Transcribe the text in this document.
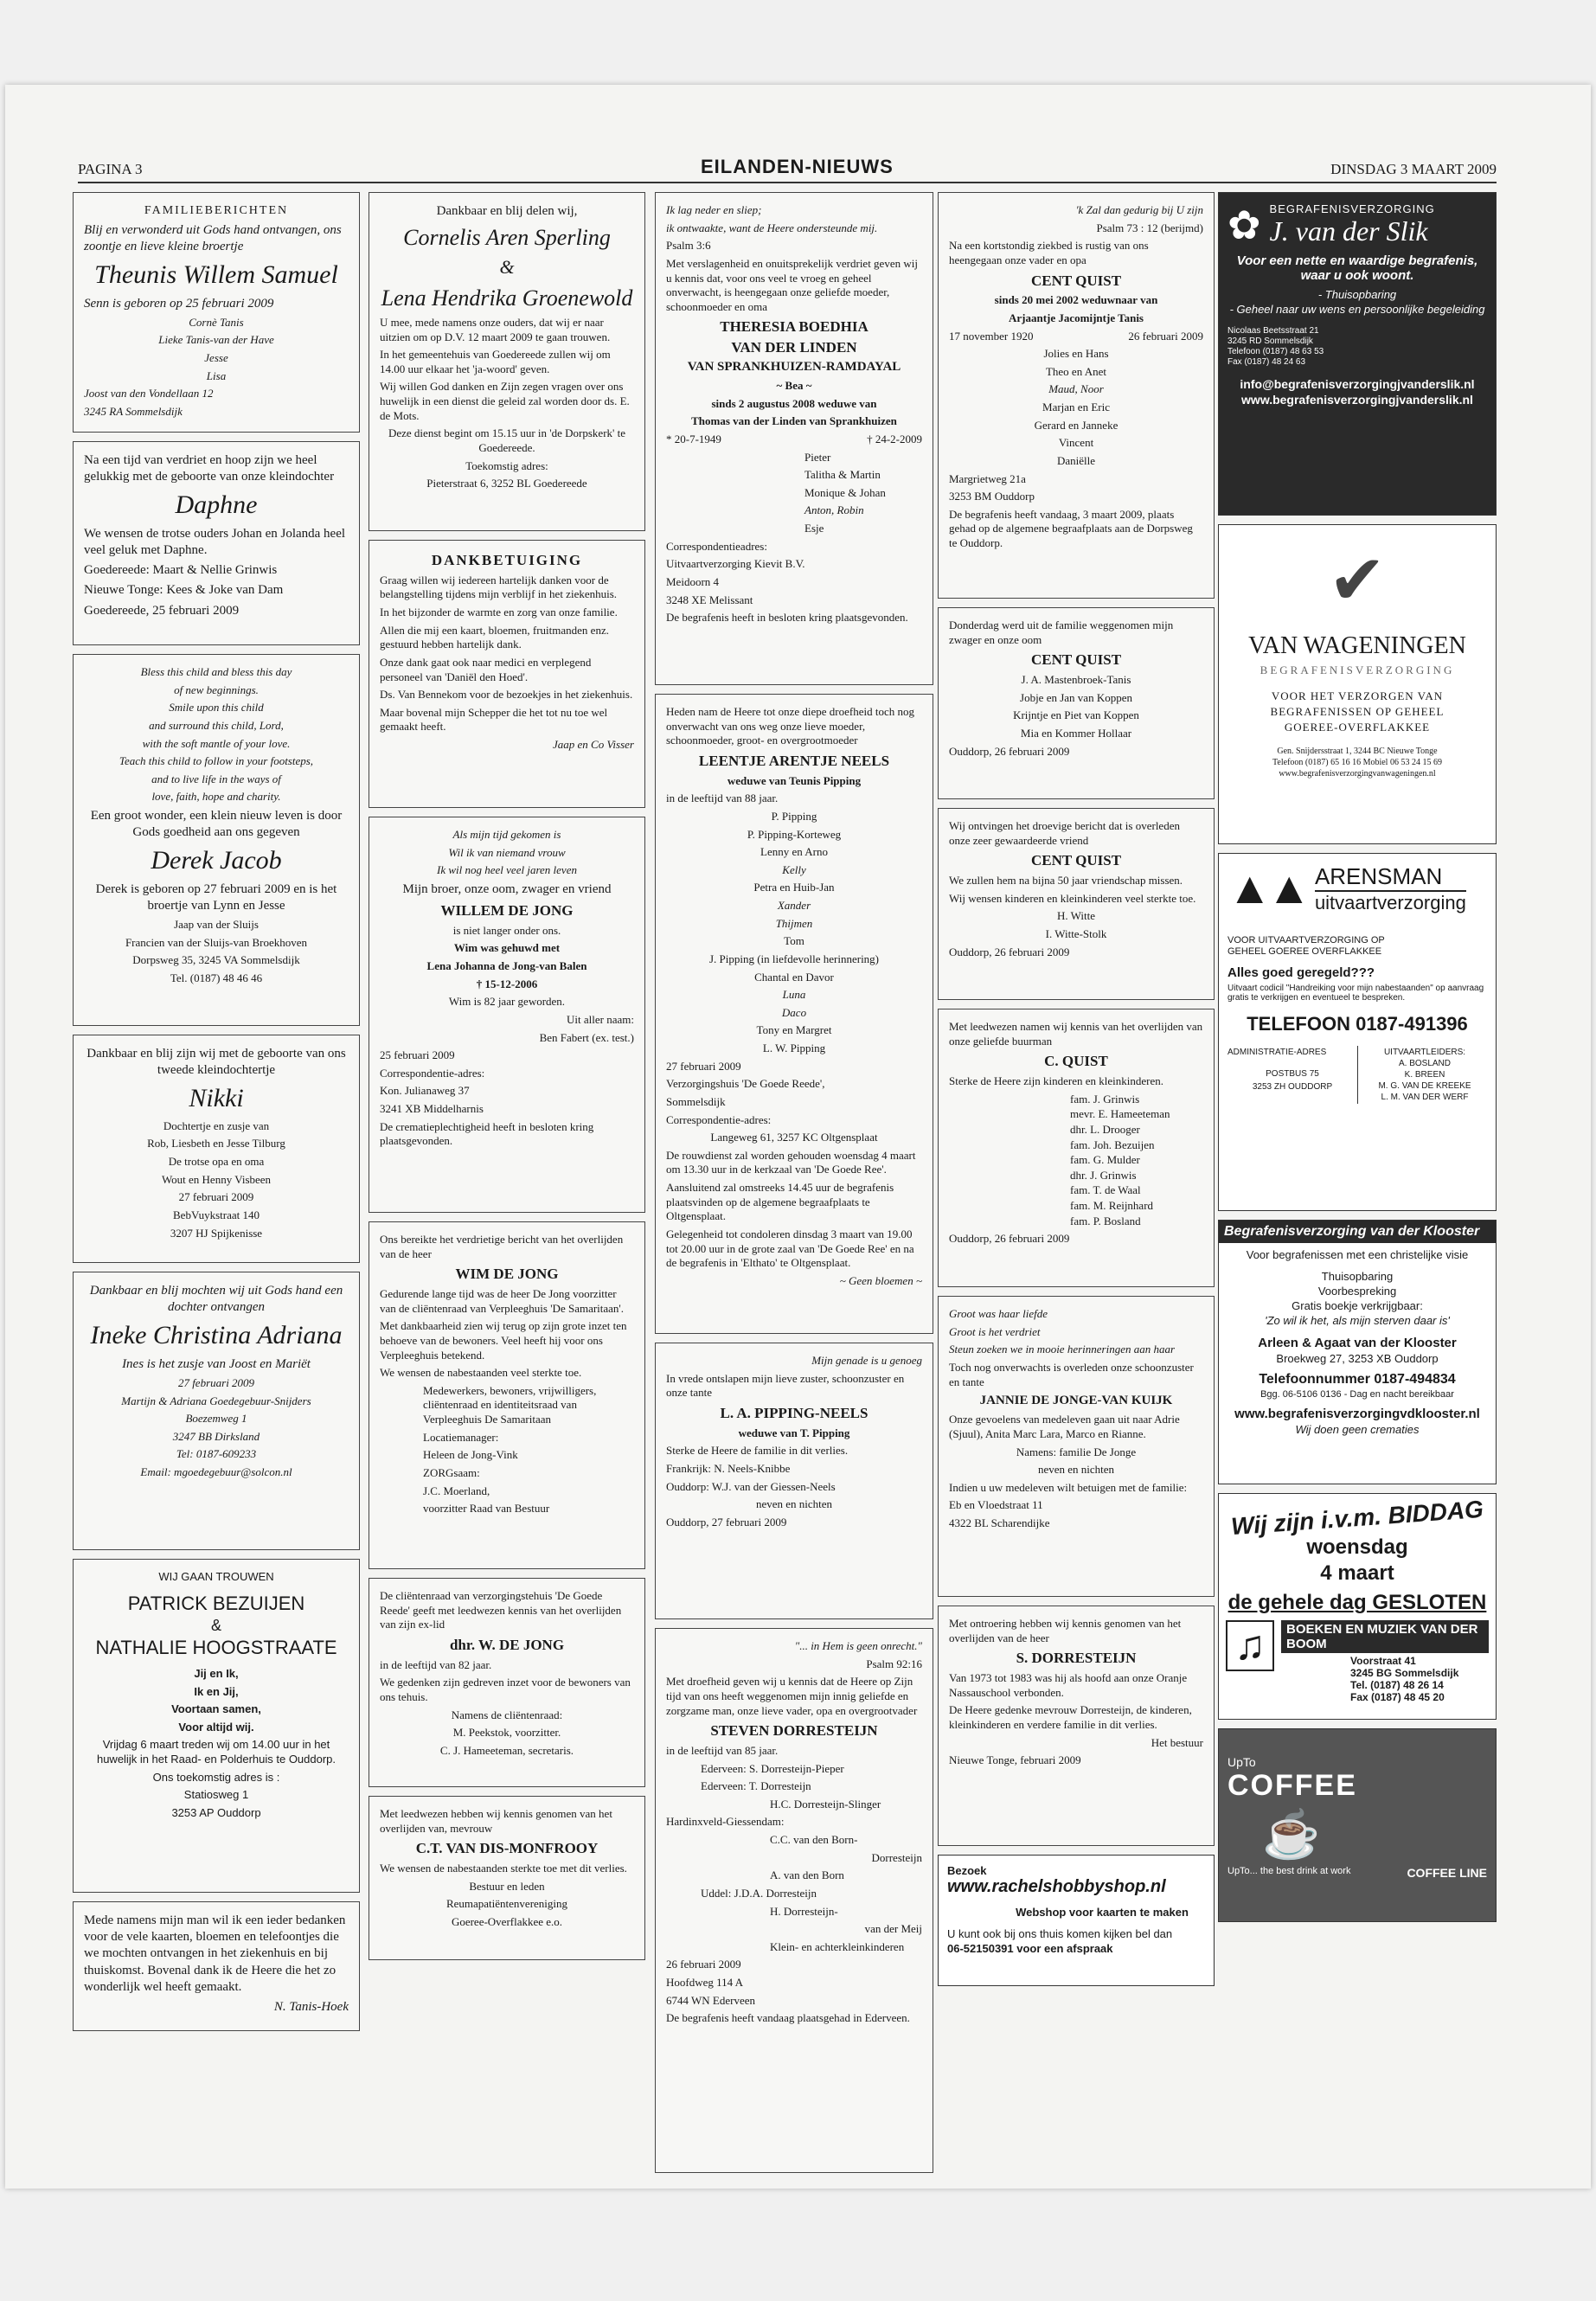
PAGINA 3	EILANDEN-NIEUWS	DINSDAG 3 MAART 2009

FAMILIEBERICHTEN

Blij en verwonderd uit Gods hand ontvangen, ons zoontje en lieve kleine broertje

Theunis Willem Samuel

Senn is geboren op 25 februari 2009

Cornè Tanis

Lieke Tanis-van der Have

Jesse

Lisa

Joost van den Vondellaan 12

3245 RA Sommelsdijk

Na een tijd van verdriet en hoop zijn we heel gelukkig met de geboorte van onze kleindochter

Daphne

We wensen de trotse ouders Johan en Jolanda heel veel geluk met Daphne.

Goedereede: Maart & Nellie Grinwis

Nieuwe Tonge: Kees & Joke van Dam

Goedereede, 25 februari 2009

Bless this child and bless this day

of new beginnings.

Smile upon this child

and surround this child, Lord,

with the soft mantle of your love.

Teach this child to follow in your footsteps,

and to live life in the ways of

love, faith, hope and charity.

Een groot wonder, een klein nieuw leven is door Gods goedheid aan ons gegeven

Derek Jacob

Derek is geboren op 27 februari 2009 en is het broertje van Lynn en Jesse

Jaap van der Sluijs

Francien van der Sluijs-van Broekhoven

Dorpsweg 35, 3245 VA Sommelsdijk

Tel. (0187) 48 46 46

Dankbaar en blij zijn wij met de geboorte van ons tweede kleindochtertje

Nikki

Dochtertje en zusje van

Rob, Liesbeth en Jesse Tilburg

De trotse opa en oma

Wout en Henny Visbeen

27 februari 2009

BebVuykstraat 140

3207 HJ Spijkenisse

Dankbaar en blij mochten wij uit Gods hand een dochter ontvangen

Ineke Christina Adriana

Ines is het zusje van Joost en Mariët

27 februari 2009

Martijn & Adriana Goedegebuur-Snijders

Boezemweg 1

3247 BB Dirksland

Tel: 0187-609233

Email: mgoedegebuur@solcon.nl

WIJ GAAN TROUWEN

PATRICK BEZUIJEN

&

NATHALIE HOOGSTRAATE

Jij en Ik,

Ik en Jij,

Voortaan samen,

Voor altijd wij.

Vrijdag 6 maart treden wij om 14.00 uur in het huwelijk in het Raad- en Polderhuis te Ouddorp.

Ons toekomstig adres is :

Statiosweg 1

3253 AP Ouddorp

Mede namens mijn man wil ik een ieder bedanken voor de vele kaarten, bloemen en telefoontjes die we mochten ontvangen in het ziekenhuis en bij thuiskomst. Bovenal dank ik de Heere die het zo wonderlijk wel heeft gemaakt.

N. Tanis-Hoek

Dankbaar en blij delen wij,

Cornelis Aren Sperling

&

Lena Hendrika Groenewold

U mee, mede namens onze ouders, dat wij er naar uitzien om op D.V. 12 maart 2009 te gaan trouwen.

In het gemeentehuis van Goedereede zullen wij om 14.00 uur elkaar het 'ja-woord' geven.

Wij willen God danken en Zijn zegen vragen over ons huwelijk in een dienst die geleid zal worden door ds. E. de Mots.

Deze dienst begint om 15.15 uur in 'de Dorpskerk' te Goedereede.

Toekomstig adres:

Pieterstraat 6, 3252 BL Goedereede

DANKBETUIGING

Graag willen wij iedereen hartelijk danken voor de belangstelling tijdens mijn verblijf in het ziekenhuis.

In het bijzonder de warmte en zorg van onze familie.

Allen die mij een kaart, bloemen, fruitmanden enz. gestuurd hebben hartelijk dank.

Onze dank gaat ook naar medici en verplegend personeel van 'Daniël den Hoed'.

Ds. Van Bennekom voor de bezoekjes in het ziekenhuis.

Maar bovenal mijn Schepper die het tot nu toe wel gemaakt heeft.

Jaap en Co Visser

Als mijn tijd gekomen is

Wil ik van niemand vrouw

Ik wil nog heel veel jaren leven

Mijn broer, onze oom, zwager en vriend

WILLEM DE JONG

is niet langer onder ons.

Wim was gehuwd met

Lena Johanna de Jong-van Balen

† 15-12-2006

Wim is 82 jaar geworden.

Uit aller naam:

Ben Fabert (ex. test.)

25 februari 2009

Correspondentie-adres:

Kon. Julianaweg 37

3241 XB Middelharnis

De crematieplechtigheid heeft in besloten kring plaatsgevonden.

Ons bereikte het verdrietige bericht van het overlijden van de heer

WIM DE JONG

Gedurende lange tijd was de heer De Jong voorzitter van de cliëntenraad van Verpleeghuis 'De Samaritaan'.

Met dankbaarheid zien wij terug op zijn grote inzet ten behoeve van de bewoners. Veel heeft hij voor ons Verpleeghuis betekend.

We wensen de nabestaanden veel sterkte toe.

Medewerkers, bewoners, vrijwilligers, cliëntenraad en identiteitsraad van Verpleeghuis De Samaritaan

Locatiemanager:

Heleen de Jong-Vink

ZORGsaam:

J.C. Moerland,

voorzitter Raad van Bestuur

De cliëntenraad van verzorgingstehuis 'De Goede Reede' geeft met leedwezen kennis van het overlijden van zijn ex-lid

dhr. W. DE JONG

in de leeftijd van 82 jaar.

We gedenken zijn gedreven inzet voor de bewoners van ons tehuis.

Namens de cliëntenraad:

M. Peekstok, voorzitter.

C. J. Hameeteman, secretaris.

Met leedwezen hebben wij kennis genomen van het overlijden van, mevrouw

C.T. VAN DIS-MONFROOY

We wensen de nabestaanden sterkte toe met dit verlies.

Bestuur en leden

Reumapatiëntenvereniging

Goeree-Overflakkee e.o.

Ik lag neder en sliep;

ik ontwaakte, want de Heere ondersteunde mij.

Psalm 3:6

Met verslagenheid en onuitsprekelijk verdriet geven wij u kennis dat, voor ons veel te vroeg en geheel onverwacht, is heengegaan onze geliefde moeder, schoonmoeder en oma

THERESIA BOEDHIA

VAN DER LINDEN

VAN SPRANKHUIZEN-RAMDAYAL

~ Bea ~

sinds 2 augustus 2008 weduwe van

Thomas van der Linden van Sprankhuizen

* 20-7-1949	† 24-2-2009

Pieter

Talitha & Martin

Monique & Johan

Anton, Robin

Esje

Correspondentieadres:

Uitvaartverzorging Kievit B.V.

Meidoorn 4

3248 XE Melissant

De begrafenis heeft in besloten kring plaatsgevonden.

Heden nam de Heere tot onze diepe droefheid toch nog onverwacht van ons weg onze lieve moeder, schoonmoeder, groot- en overgrootmoeder

LEENTJE ARENTJE NEELS

weduwe van Teunis Pipping

in de leeftijd van 88 jaar.

P. Pipping

P. Pipping-Korteweg

Lenny en Arno

Kelly

Petra en Huib-Jan

Xander

Thijmen

Tom

J. Pipping (in liefdevolle herinnering)

Chantal en Davor

Luna

Daco

Tony en Margret

L. W. Pipping

27 februari 2009

Verzorgingshuis 'De Goede Reede',

Sommelsdijk

Correspondentie-adres:

Langeweg 61, 3257 KC Oltgensplaat

De rouwdienst zal worden gehouden woensdag 4 maart om 13.30 uur in de kerkzaal van 'De Goede Ree'.

Aansluitend zal omstreeks 14.45 uur de begrafenis plaatsvinden op de algemene begraafplaats te Oltgensplaat.

Gelegenheid tot condoleren dinsdag 3 maart van 19.00 tot 20.00 uur in de grote zaal van 'De Goede Ree' en na de begrafenis in 'Elthato' te Oltgensplaat.

~ Geen bloemen ~

Mijn genade is u genoeg

In vrede ontslapen mijn lieve zuster, schoonzuster en onze tante

L. A. PIPPING-NEELS

weduwe van T. Pipping

Sterke de Heere de familie in dit verlies.

Frankrijk: N. Neels-Knibbe

Ouddorp: W.J. van der Giessen-Neels

neven en nichten

Ouddorp, 27 februari 2009

"... in Hem is geen onrecht."

Psalm 92:16

Met droefheid geven wij u kennis dat de Heere op Zijn tijd van ons heeft weggenomen mijn innig geliefde en zorgzame man, onze lieve vader, opa en overgrootvader

STEVEN DORRESTEIJN

in de leeftijd van 85 jaar.

Ederveen: S. Dorresteijn-Pieper

Ederveen: T. Dorresteijn

H.C. Dorresteijn-Slinger

Hardinxveld-Giessendam:

C.C. van den Born-

Dorresteijn

A. van den Born

Uddel: J.D.A. Dorresteijn

H. Dorresteijn-

van der Meij

Klein- en achterkleinkinderen

26 februari 2009

Hoofdweg 114 A

6744 WN Ederveen

De begrafenis heeft vandaag plaatsgehad in Ederveen.

'k Zal dan gedurig bij U zijn

Psalm 73 : 12 (berijmd)

Na een kortstondig ziekbed is rustig van ons heengegaan onze vader en opa

CENT QUIST

sinds 20 mei 2002 weduwnaar van

Arjaantje Jacomijntje Tanis

17 november 1920	26 februari 2009

Jolies en Hans

Theo en Anet

Maud, Noor

Marjan en Eric

Gerard en Janneke

Vincent

Daniëlle

Margrietweg 21a

3253 BM Ouddorp

De begrafenis heeft vandaag, 3 maart 2009, plaats gehad op de algemene begraafplaats aan de Dorpsweg te Ouddorp.

Donderdag werd uit de familie weggenomen mijn zwager en onze oom

CENT QUIST

J. A. Mastenbroek-Tanis

Jobje en Jan van Koppen

Krijntje en Piet van Koppen

Mia en Kommer Hollaar

Ouddorp, 26 februari 2009

Wij ontvingen het droevige bericht dat is overleden onze zeer gewaardeerde vriend

CENT QUIST

We zullen hem na bijna 50 jaar vriendschap missen.

Wij wensen kinderen en kleinkinderen veel sterkte toe.

H. Witte

I. Witte-Stolk

Ouddorp, 26 februari 2009

Met leedwezen namen wij kennis van het overlijden van onze geliefde buurman

C. QUIST

Sterke de Heere zijn kinderen en kleinkinderen.

fam. J. Grinwis

mevr. E. Hameeteman

dhr. L. Drooger

fam. Joh. Bezuijen

fam. G. Mulder

dhr. J. Grinwis

fam. T. de Waal

fam. M. Reijnhard

fam. P. Bosland

Ouddorp, 26 februari 2009

Groot was haar liefde

Groot is het verdriet

Steun zoeken we in mooie herinneringen aan haar

Toch nog onverwachts is overleden onze schoonzuster en tante

JANNIE DE JONGE-VAN KUIJK

Onze gevoelens van medeleven gaan uit naar Adrie (Sjuul), Anita Marc Lara, Marco en Rianne.

Namens: familie De Jonge

neven en nichten

Indien u uw medeleven wilt betuigen met de familie:

Eb en Vloedstraat 11

4322 BL Scharendijke

Met ontroering hebben wij kennis genomen van het overlijden van de heer

S. DORRESTEIJN

Van 1973 tot 1983 was hij als hoofd aan onze Oranje Nassauschool verbonden.

De Heere gedenke mevrouw Dorresteijn, de kinderen, kleinkinderen en verdere familie in dit verlies.

Het bestuur

Nieuwe Tonge, februari 2009

Bezoek www.rachelshobbyshop.nl

Webshop voor kaarten te maken

U kunt ook bij ons thuis komen kijken bel dan

06-52150391 voor een afspraak

✿ BEGRAFENISVERZORGING
J. van der Slik

Voor een nette en waardige begrafenis, waar u ook woont.

- Thuisopbaring

- Geheel naar uw wens en persoonlijke begeleiding

Nicolaas Beetsstraat 21

3245 RD Sommelsdijk

Telefoon (0187) 48 63 53

Fax (0187) 48 24 63

info@begrafenisverzorgingjvanderslik.nl

www.begrafenisverzorgingjvanderslik.nl

✔

VAN WAGENINGEN

BEGRAFENISVERZORGING

VOOR HET VERZORGEN VAN

BEGRAFENISSEN OP GEHEEL

GOEREE-OVERFLAKKEE

Gen. Snijdersstraat 1, 3244 BC Nieuwe Tonge

Telefoon (0187) 65 16 16 Mobiel 06 53 24 15 69

www.begrafenisverzorgingvanwageningen.nl

▲▲ ARENSMAN
uitvaartverzorging

VOOR UITVAARTVERZORGING OP

GEHEEL GOEREE OVERFLAKKEE

Alles goed geregeld???

Uitvaart codicil "Handreiking voor mijn nabestaanden" op aanvraag gratis te verkrijgen en eventueel te bespreken.

TELEFOON 0187-491396

ADMINISTRATIE-ADRES

POSTBUS 75

3253 ZH OUDDORP

UITVAARTLEIDERS:

A. BOSLAND

K. BREEN

M. G. VAN DE KREEKE

L. M. VAN DER WERF

Begrafenisverzorging van der Klooster

Voor begrafenissen met een christelijke visie

Thuisopbaring

Voorbespreking

Gratis boekje verkrijgbaar:

'Zo wil ik het, als mijn sterven daar is'

Arleen & Agaat van der Klooster

Broekweg 27, 3253 XB Ouddorp

Telefoonnummer 0187-494834

Bgg. 06-5106 0136 - Dag en nacht bereikbaar

www.begrafenisverzorgingvdklooster.nl

Wij doen geen crematies

Wij zijn i.v.m. BIDDAG

woensdag

4 maart

de gehele dag GESLOTEN

♫	BOEKEN EN MUZIEK VAN DER BOOM

Voorstraat 41

3245 BG Sommelsdijk

Tel. (0187) 48 26 14

Fax (0187) 48 45 20

UpTo

COFFEE

☕
UpTo... the best drink at work	COFFEE LINE
